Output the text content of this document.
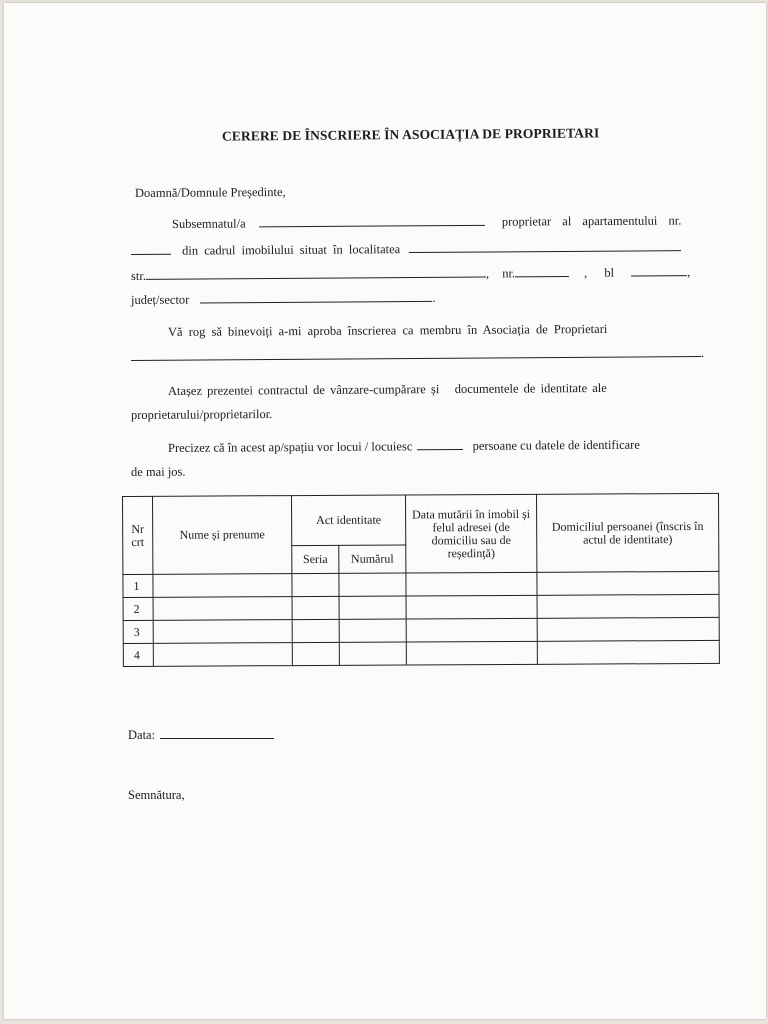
CERERE DE ÎNSCRIERE ÎN ASOCIAȚIA DE PROPRIETARI
Doamnă/Domnule Președinte,
Subsemnatul/a	proprietar al apartamentului nr.
din cadrul imobilului situat în localitatea
str.	, nr.	, bl	,
județ/sector	.
Vă rog să binevoiți a-mi aproba înscrierea ca membru în Asociația de Proprietari
.
Atașez prezentei contractul de vânzare-cumpărare și   documentele de identitate ale
proprietarului/proprietarilor.
Precizez că în acest ap/spațiu vor locui / locuiesc	persoane cu datele de identificare
de mai jos.
Nr crt	Nume și prenume	Act identitate		Data mutării în imobil și felul adresei (de domiciliu sau de reședință)	Domiciliul persoanei (înscris în actul de identitate)
		Seria	Numărul		
1					
2					
3					
4					
Data:
Semnătura,
